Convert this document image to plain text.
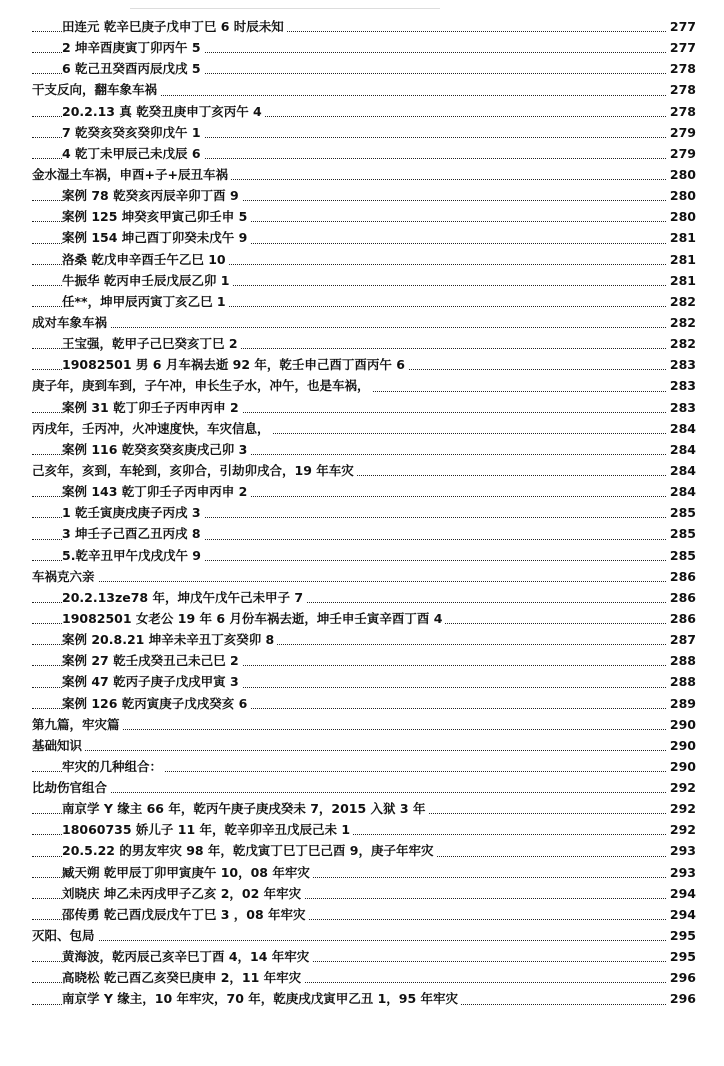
田连元 乾辛巳庚子戊申丁巳 6 时辰未知	277
2 坤辛酉庚寅丁卯丙午 5	277
6 乾己丑癸酉丙辰戊戌 5	278
干支反向，翻车象车祸	278
20.2.13 真 乾癸丑庚申丁亥丙午 4	278
7 乾癸亥癸亥癸卯戊午 1	279
4 乾丁未甲辰己未戊辰 6	279
金水湿土车祸，申酉+子+辰丑车祸	280
案例 78 乾癸亥丙辰辛卯丁酉 9	280
案例 125 坤癸亥甲寅己卯壬申 5	280
案例 154 坤己酉丁卯癸未戊午 9	281
洛桑 乾戊申辛酉壬午乙巳 10	281
牛振华 乾丙申壬辰戊辰乙卯 1	281
任**，坤甲辰丙寅丁亥乙巳 1	282
成对车象车祸	282
王宝强，乾甲子己巳癸亥丁巳 2	282
19082501 男 6 月车祸去逝 92 年，乾壬申己酉丁酉丙午 6	283
庚子年，庚到车到，子午冲，申长生子水，冲午，也是车祸，	283
案例 31 乾丁卯壬子丙申丙申 2	283
丙戌年，壬丙冲，火冲速度快，车灾信息，	284
案例 116 乾癸亥癸亥庚戌己卯 3	284
己亥年，亥到，车轮到，亥卯合，引劫卯戌合，19 年车灾	284
案例 143 乾丁卯壬子丙申丙申 2	284
1 乾壬寅庚戌庚子丙戌 3	285
3 坤壬子己酉乙丑丙戌 8	285
5.乾辛丑甲午戊戌戊午 9	285
车祸克六亲	286
20.2.13ze78 年，坤戊午戊午己未甲子 7	286
19082501 女老公 19 年 6 月份车祸去逝，坤壬申壬寅辛酉丁酉 4	286
案例 20.8.21 坤辛未辛丑丁亥癸卯 8	287
案例 27 乾壬戌癸丑己未己巳 2	288
案例 47 乾丙子庚子戊戌甲寅 3	288
案例 126 乾丙寅庚子戊戌癸亥 6	289
第九篇，牢灾篇	290
基础知识	290
牢灾的几种组合：	290
比劫伤官组合	292
南京学 Y 缘主 66 年，乾丙午庚子庚戌癸未 7，2015 入狱 3 年	292
18060735 娇儿子 11 年，乾辛卯辛丑戊辰己未 1	292
20.5.22 的男友牢灾 98 年，乾戊寅丁巳丁巳己酉 9，庚子年牢灾	293
臧天朔 乾甲辰丁卯甲寅庚午 10，08 年牢灾	293
刘晓庆 坤乙未丙戌甲子乙亥 2，02 年牢灾	294
邵传勇 乾己酉戊辰戊午丁巳 3 ，08 年牢灾	294
灭阳、包局	295
黄海波，乾丙辰己亥辛巳丁酉 4，14 年牢灾	295
高晓松 乾己酉乙亥癸巳庚申 2，11 年牢灾	296
南京学 Y 缘主，10 年牢灾，70 年，乾庚戌戊寅甲乙丑 1，95 年牢灾	296
